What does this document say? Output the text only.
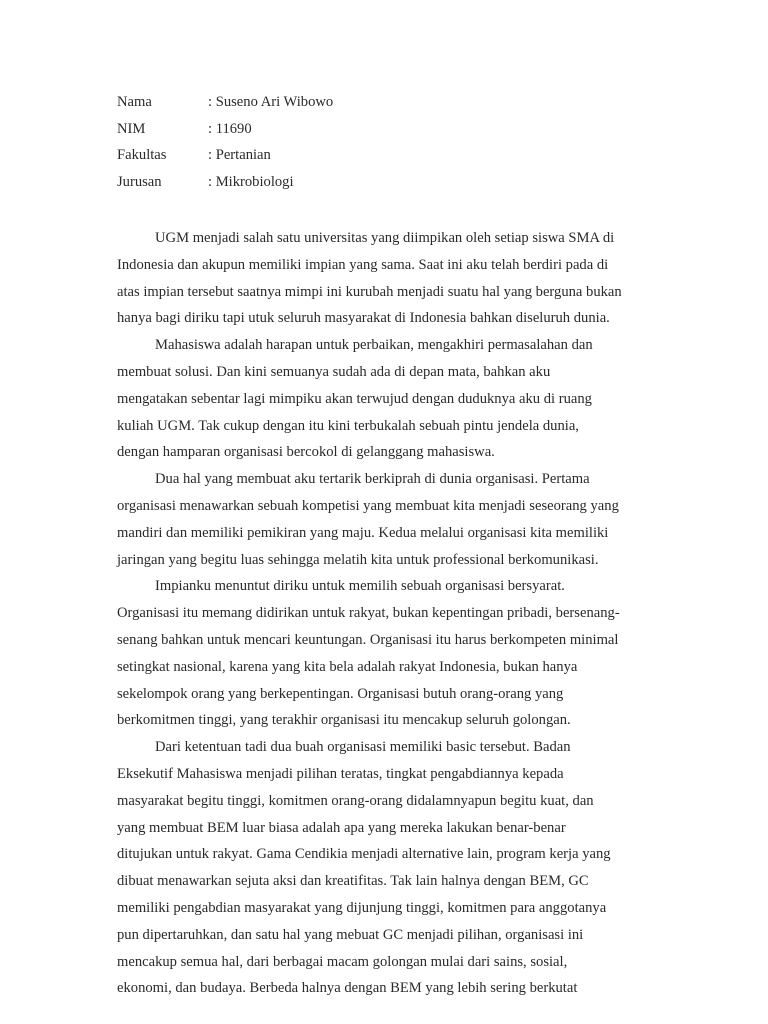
Nama	: Suseno Ari Wibowo
NIM	: 11690
Fakultas	: Pertanian
Jurusan	: Mikrobiologi
UGM menjadi salah satu universitas yang diimpikan oleh setiap siswa SMA di
Indonesia dan akupun memiliki impian yang sama. Saat ini aku telah berdiri pada di
atas impian tersebut saatnya mimpi ini kurubah menjadi suatu hal yang berguna bukan
hanya bagi diriku tapi utuk seluruh masyarakat di Indonesia bahkan diseluruh dunia.
Mahasiswa adalah harapan untuk perbaikan, mengakhiri permasalahan dan
membuat solusi. Dan kini semuanya sudah ada di depan mata, bahkan aku
mengatakan sebentar lagi mimpiku akan terwujud dengan duduknya aku di ruang
kuliah UGM. Tak cukup dengan itu kini terbukalah sebuah pintu jendela dunia,
dengan hamparan organisasi bercokol di gelanggang mahasiswa.
Dua hal yang membuat aku tertarik berkiprah di dunia organisasi. Pertama
organisasi menawarkan sebuah kompetisi yang membuat kita menjadi seseorang yang
mandiri dan memiliki pemikiran yang maju. Kedua melalui organisasi kita memiliki
jaringan yang begitu luas sehingga melatih kita untuk professional berkomunikasi.
Impianku menuntut diriku untuk memilih sebuah organisasi bersyarat.
Organisasi itu memang didirikan untuk rakyat, bukan kepentingan pribadi, bersenang-
senang bahkan untuk mencari keuntungan. Organisasi itu harus berkompeten minimal
setingkat nasional, karena yang kita bela adalah rakyat Indonesia, bukan hanya
sekelompok orang yang berkepentingan. Organisasi butuh orang-orang yang
berkomitmen tinggi, yang terakhir organisasi itu mencakup seluruh golongan.
Dari ketentuan tadi dua buah organisasi memiliki basic tersebut. Badan
Eksekutif Mahasiswa menjadi pilihan teratas, tingkat pengabdiannya kepada
masyarakat begitu tinggi, komitmen orang-orang didalamnyapun begitu kuat, dan
yang membuat BEM luar biasa adalah apa yang mereka lakukan benar-benar
ditujukan untuk rakyat. Gama Cendikia menjadi alternative lain, program kerja yang
dibuat menawarkan sejuta aksi dan kreatifitas. Tak lain halnya dengan BEM, GC
memiliki pengabdian masyarakat yang dijunjung tinggi, komitmen para anggotanya
pun dipertaruhkan, dan satu hal yang mebuat GC menjadi pilihan, organisasi ini
mencakup semua hal, dari berbagai macam golongan mulai dari sains, sosial,
ekonomi, dan budaya. Berbeda halnya dengan BEM yang lebih sering berkutat
